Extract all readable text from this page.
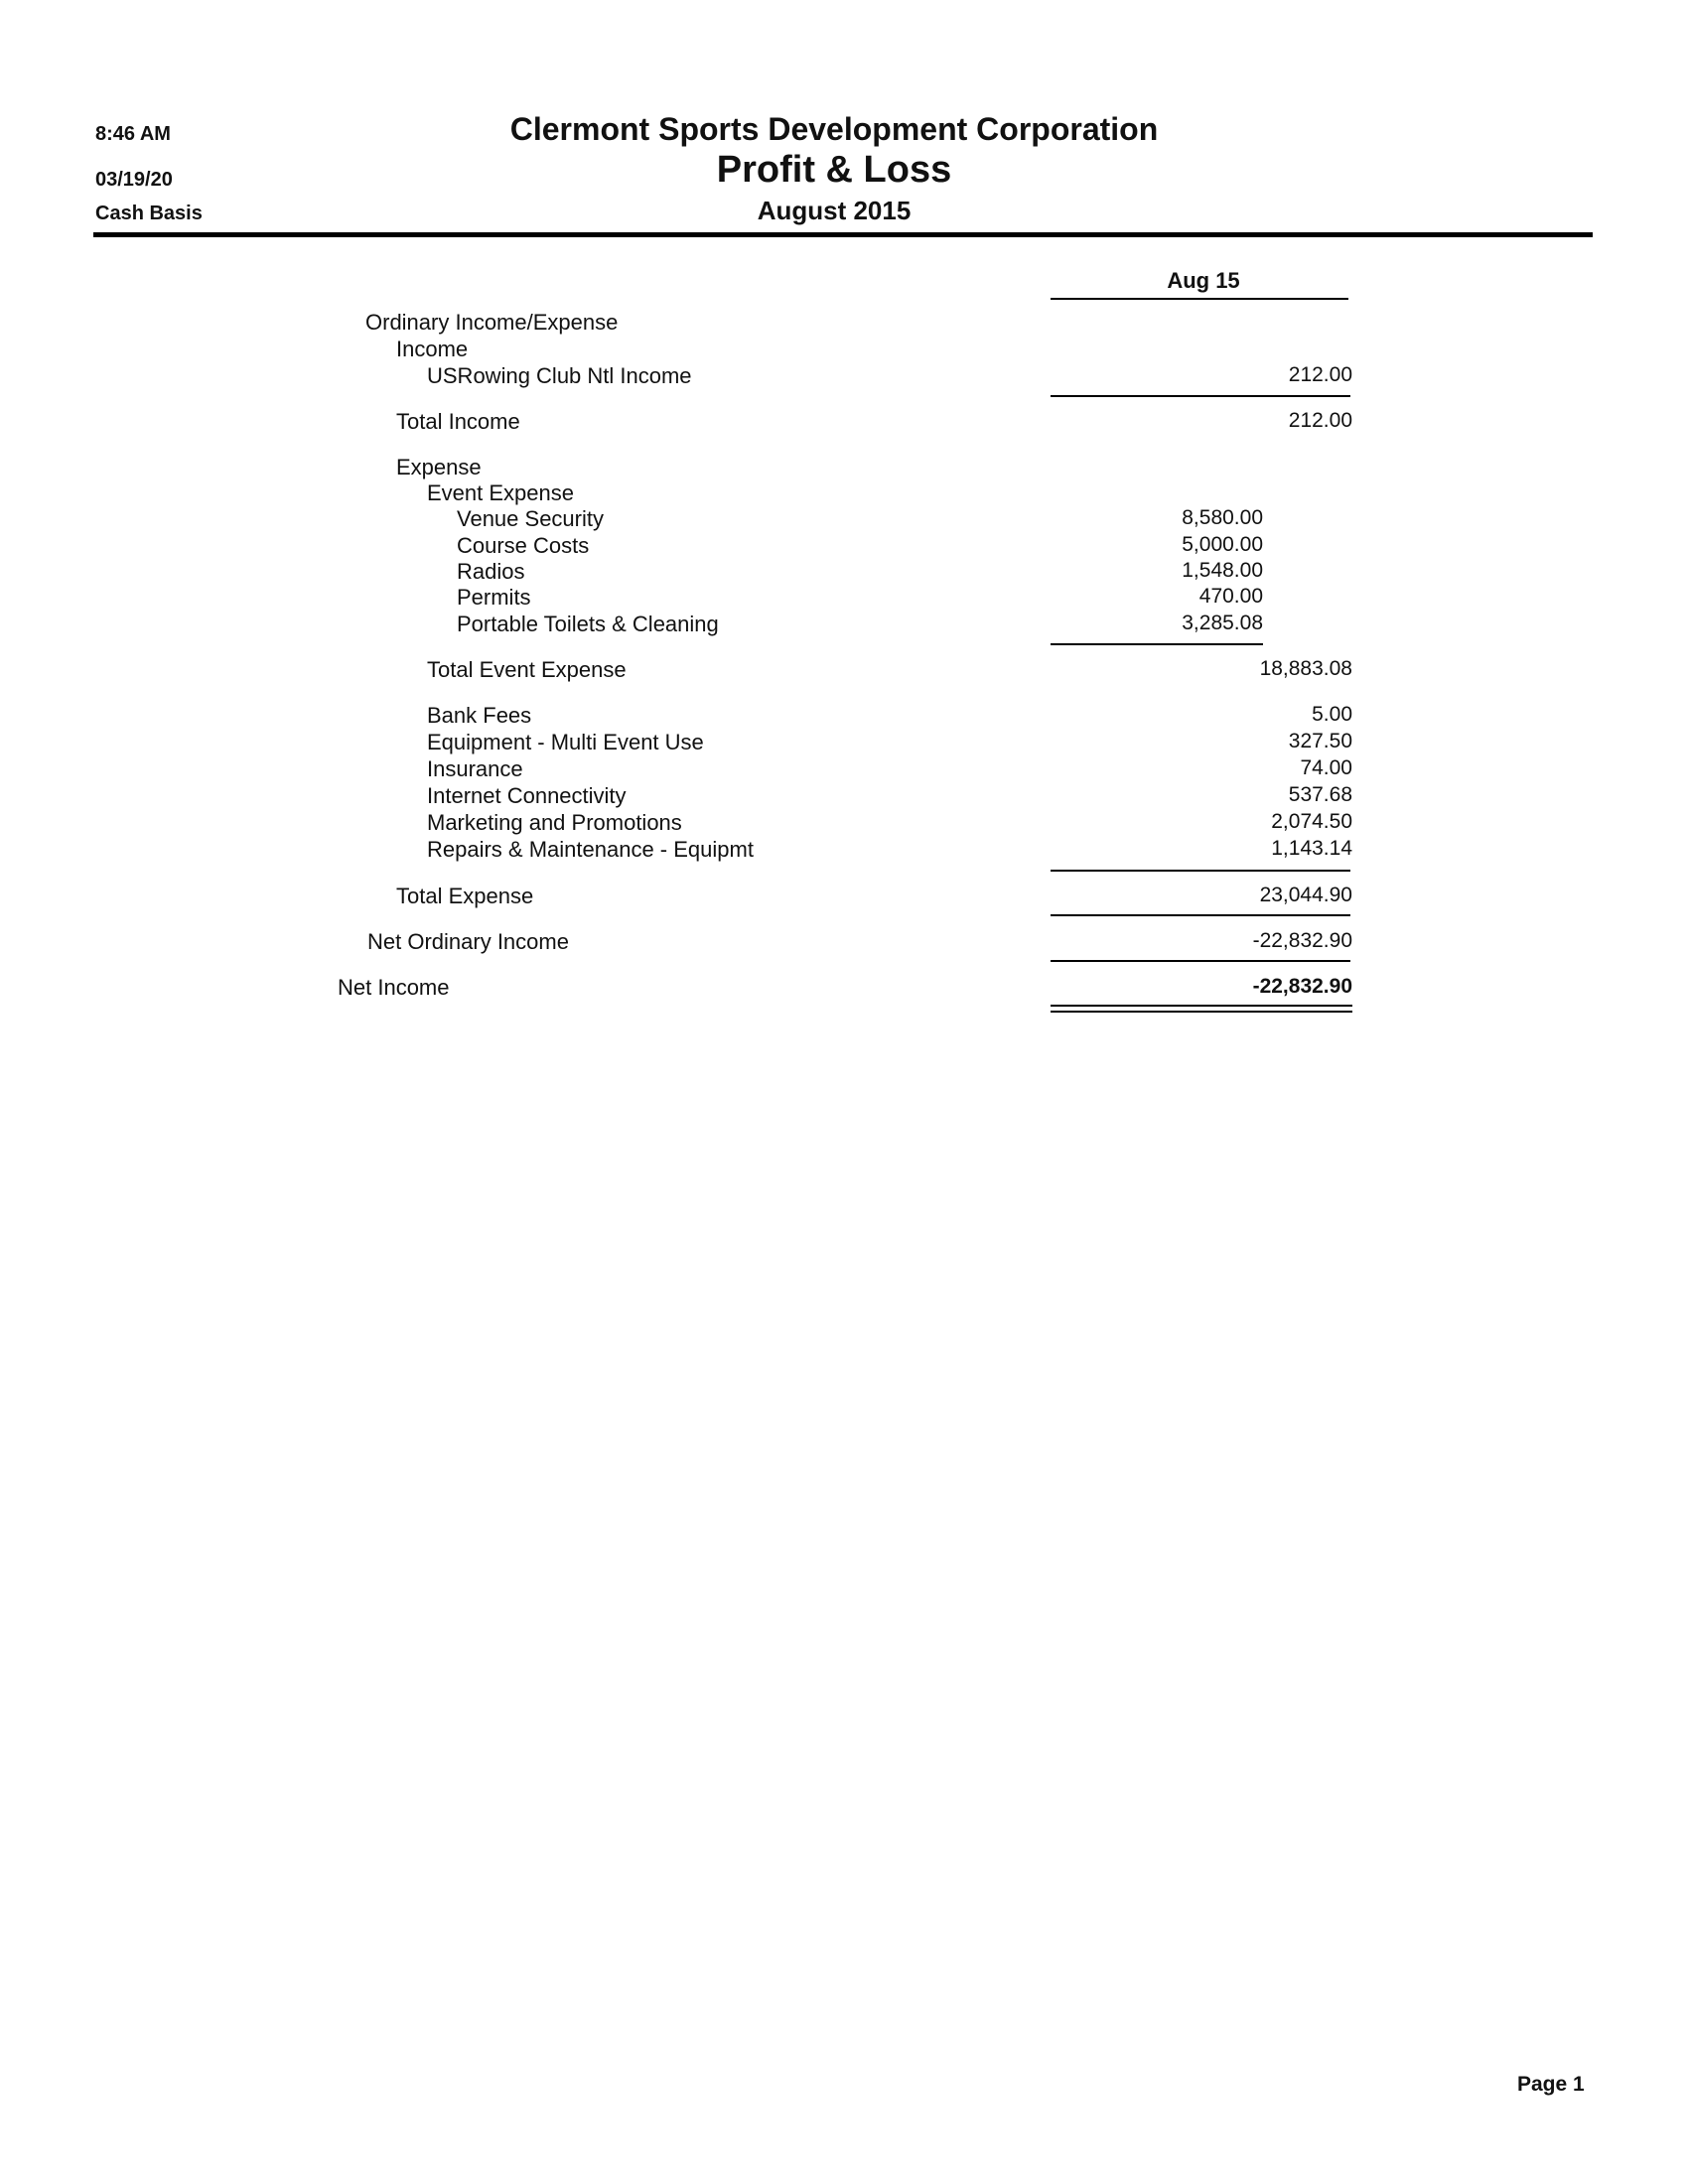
8:46 AM
03/19/20
Cash Basis
Clermont Sports Development Corporation
Profit & Loss
August 2015
Aug 15
Ordinary Income/Expense
Income
USRowing Club Ntl Income	212.00
Total Income	212.00
Expense
Event Expense
Venue Security	8,580.00
Course Costs	5,000.00
Radios	1,548.00
Permits	470.00
Portable Toilets & Cleaning	3,285.08
Total Event Expense	18,883.08
Bank Fees	5.00
Equipment - Multi Event Use	327.50
Insurance	74.00
Internet Connectivity	537.68
Marketing and Promotions	2,074.50
Repairs & Maintenance - Equipmt	1,143.14
Total Expense	23,044.90
Net Ordinary Income	-22,832.90
Net Income	-22,832.90
Page 1
